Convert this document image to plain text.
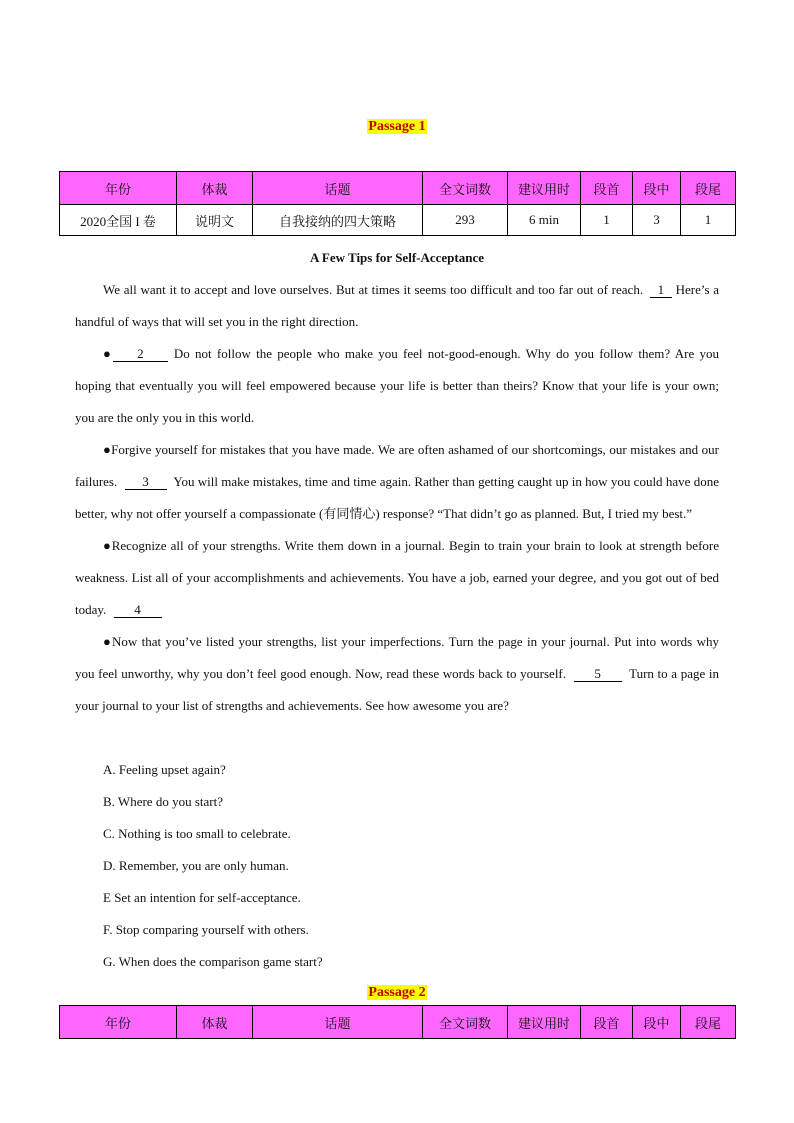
Passage 1
年份	体裁	话题	全文词数	建议用时	段首	段中	段尾
2020全国 I 卷	说明文	自我接纳的四大策略	293	6 min	1	3	1
A Few Tips for Self-Acceptance

We all want it to accept and love ourselves. But at times it seems too difficult and too far out of reach. 1 Here’s a handful of ways that will set you in the right direction.

● 2 Do not follow the people who make you feel not-good-enough. Why do you follow them? Are you hoping that eventually you will feel empowered because your life is better than theirs? Know that your life is your own; you are the only you in this world.

●Forgive yourself for mistakes that you have made. We are often ashamed of our shortcomings, our mistakes and our failures. 3 You will make mistakes, time and time again. Rather than getting caught up in how you could have done better, why not offer yourself a compassionate (有同情心) response? “That didn’t go as planned. But, I tried my best.”

●Recognize all of your strengths. Write them down in a journal. Begin to train your brain to look at strength before weakness. List all of your accomplishments and achievements. You have a job, earned your degree, and you got out of bed today. 4

●Now that you’ve listed your strengths, list your imperfections. Turn the page in your journal. Put into words why you feel unworthy, why you don’t feel good enough. Now, read these words back to yourself. 5 Turn to a page in your journal to your list of strengths and achievements. See how awesome you are?

A. Feeling upset again?
B. Where do you start?
C. Nothing is too small to celebrate.
D. Remember, you are only human.
E Set an intention for self-acceptance.
F. Stop comparing yourself with others.
G. When does the comparison game start?
Passage 2
年份	体裁	话题	全文词数	建议用时	段首	段中	段尾
